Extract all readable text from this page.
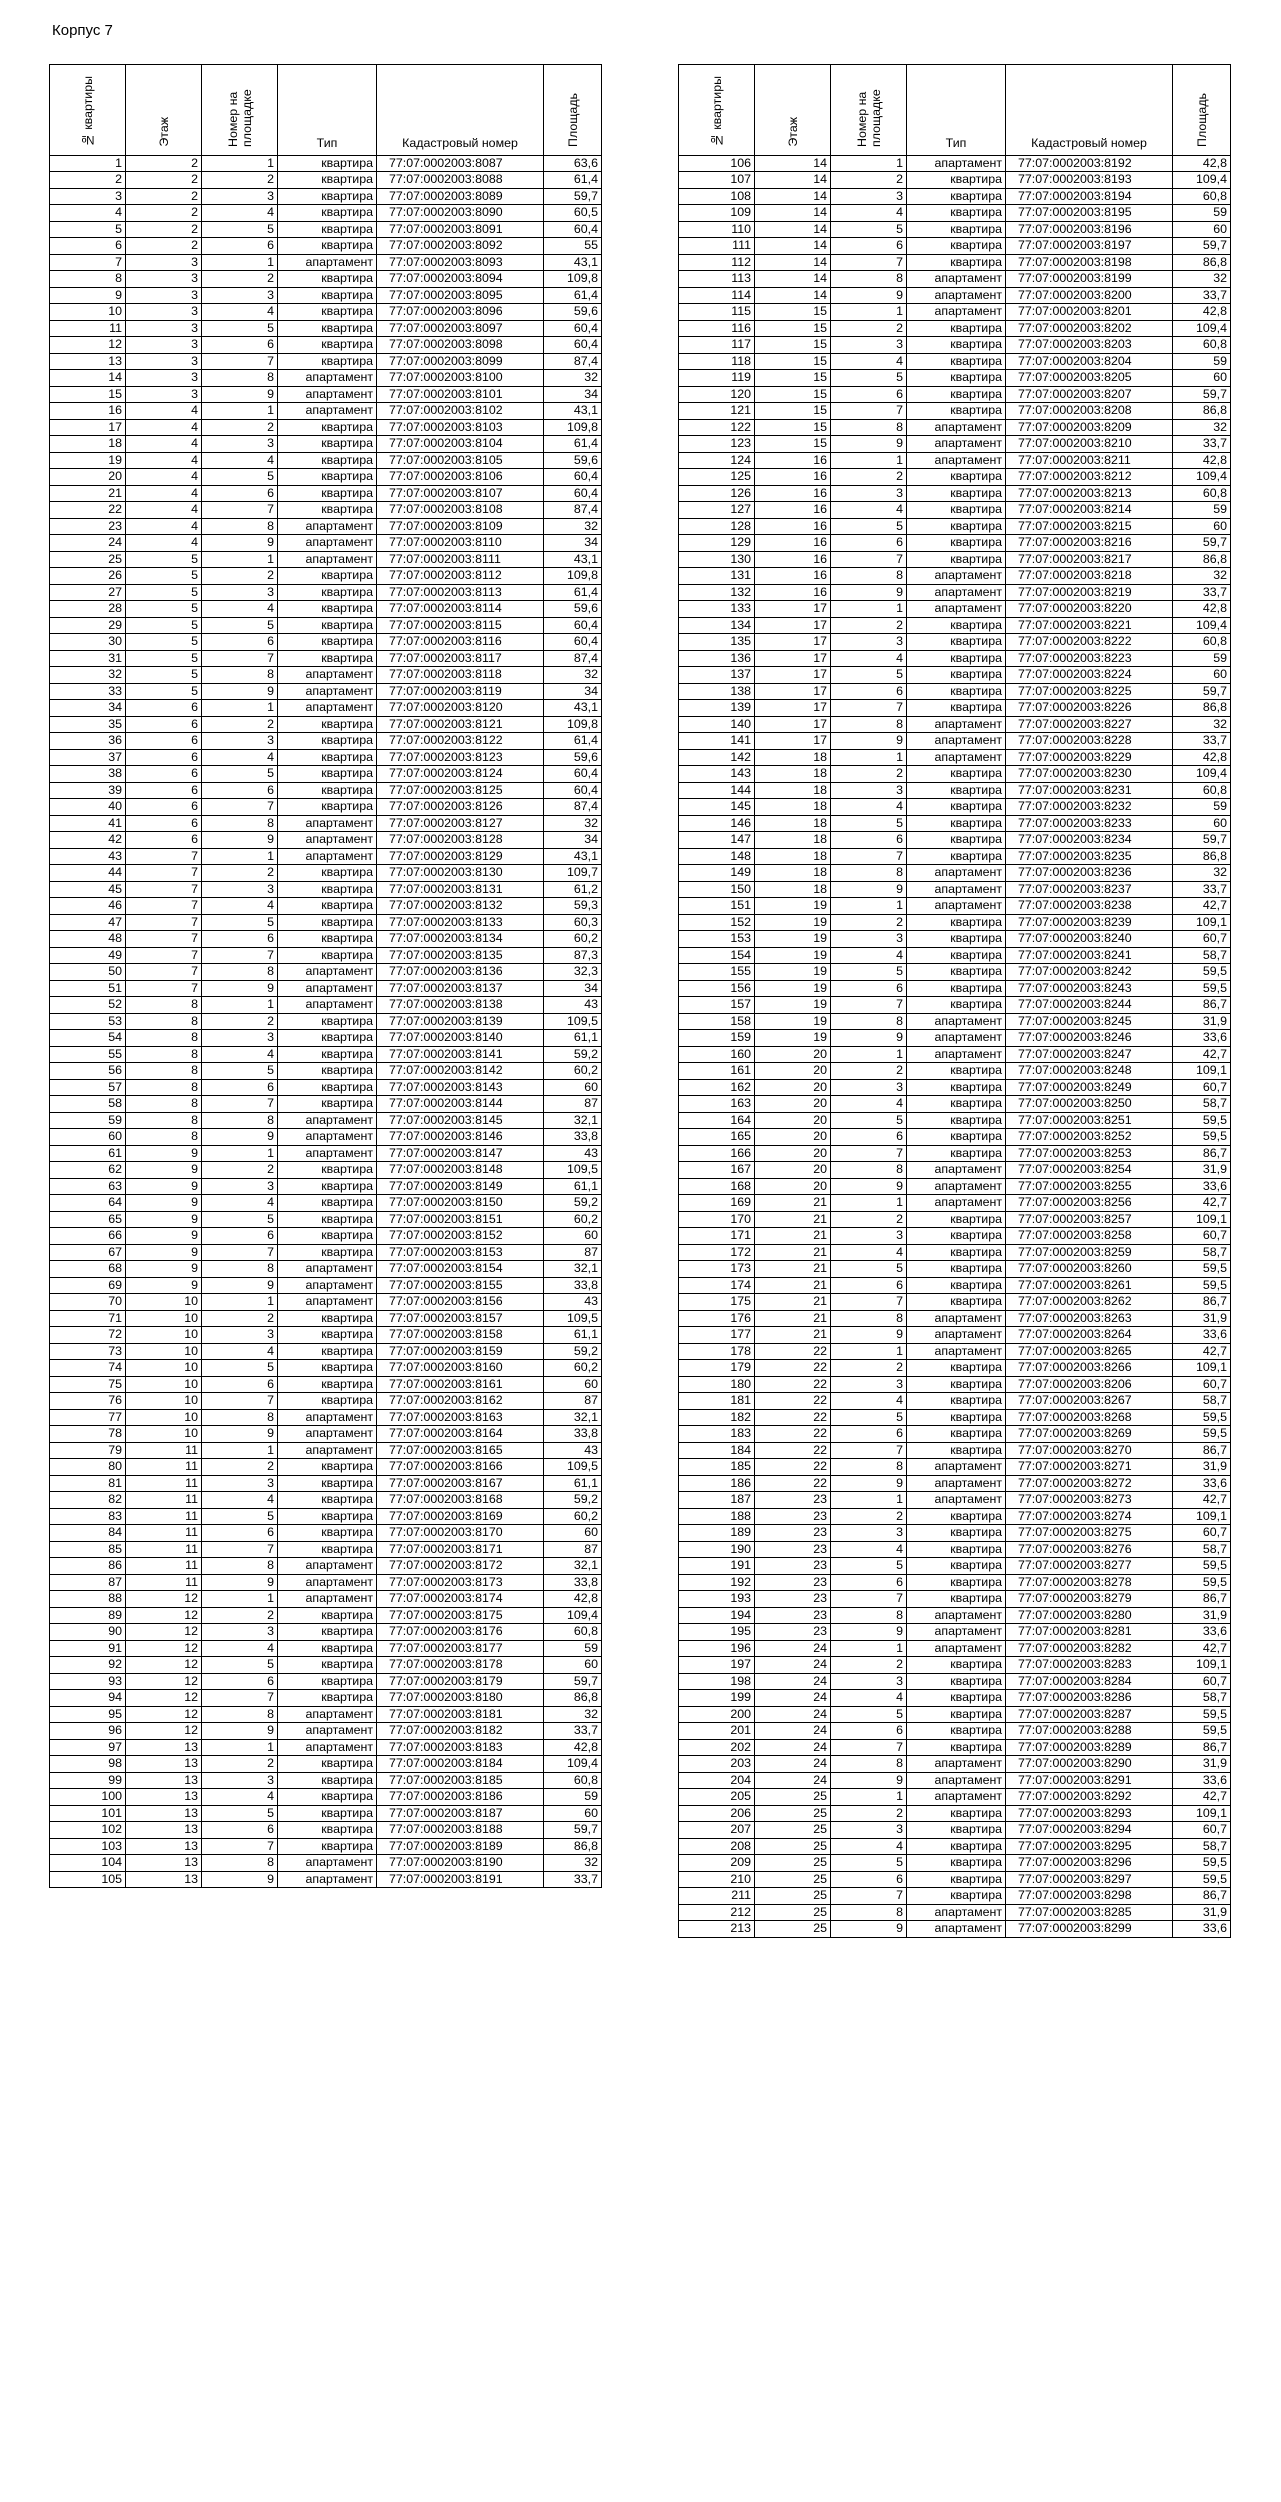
Корпус 7
№ квартиры	Этаж	Номер на площадке	Тип	Кадастровый номер	Площадь
1	2	1	квартира	77:07:0002003:8087	63,6
2	2	2	квартира	77:07:0002003:8088	61,4
3	2	3	квартира	77:07:0002003:8089	59,7
4	2	4	квартира	77:07:0002003:8090	60,5
5	2	5	квартира	77:07:0002003:8091	60,4
6	2	6	квартира	77:07:0002003:8092	55
7	3	1	апартамент	77:07:0002003:8093	43,1
8	3	2	квартира	77:07:0002003:8094	109,8
9	3	3	квартира	77:07:0002003:8095	61,4
10	3	4	квартира	77:07:0002003:8096	59,6
11	3	5	квартира	77:07:0002003:8097	60,4
12	3	6	квартира	77:07:0002003:8098	60,4
13	3	7	квартира	77:07:0002003:8099	87,4
14	3	8	апартамент	77:07:0002003:8100	32
15	3	9	апартамент	77:07:0002003:8101	34
16	4	1	апартамент	77:07:0002003:8102	43,1
17	4	2	квартира	77:07:0002003:8103	109,8
18	4	3	квартира	77:07:0002003:8104	61,4
19	4	4	квартира	77:07:0002003:8105	59,6
20	4	5	квартира	77:07:0002003:8106	60,4
21	4	6	квартира	77:07:0002003:8107	60,4
22	4	7	квартира	77:07:0002003:8108	87,4
23	4	8	апартамент	77:07:0002003:8109	32
24	4	9	апартамент	77:07:0002003:8110	34
25	5	1	апартамент	77:07:0002003:8111	43,1
26	5	2	квартира	77:07:0002003:8112	109,8
27	5	3	квартира	77:07:0002003:8113	61,4
28	5	4	квартира	77:07:0002003:8114	59,6
29	5	5	квартира	77:07:0002003:8115	60,4
30	5	6	квартира	77:07:0002003:8116	60,4
31	5	7	квартира	77:07:0002003:8117	87,4
32	5	8	апартамент	77:07:0002003:8118	32
33	5	9	апартамент	77:07:0002003:8119	34
34	6	1	апартамент	77:07:0002003:8120	43,1
35	6	2	квартира	77:07:0002003:8121	109,8
36	6	3	квартира	77:07:0002003:8122	61,4
37	6	4	квартира	77:07:0002003:8123	59,6
38	6	5	квартира	77:07:0002003:8124	60,4
39	6	6	квартира	77:07:0002003:8125	60,4
40	6	7	квартира	77:07:0002003:8126	87,4
41	6	8	апартамент	77:07:0002003:8127	32
42	6	9	апартамент	77:07:0002003:8128	34
43	7	1	апартамент	77:07:0002003:8129	43,1
44	7	2	квартира	77:07:0002003:8130	109,7
45	7	3	квартира	77:07:0002003:8131	61,2
46	7	4	квартира	77:07:0002003:8132	59,3
47	7	5	квартира	77:07:0002003:8133	60,3
48	7	6	квартира	77:07:0002003:8134	60,2
49	7	7	квартира	77:07:0002003:8135	87,3
50	7	8	апартамент	77:07:0002003:8136	32,3
51	7	9	апартамент	77:07:0002003:8137	34
52	8	1	апартамент	77:07:0002003:8138	43
53	8	2	квартира	77:07:0002003:8139	109,5
54	8	3	квартира	77:07:0002003:8140	61,1
55	8	4	квартира	77:07:0002003:8141	59,2
56	8	5	квартира	77:07:0002003:8142	60,2
57	8	6	квартира	77:07:0002003:8143	60
58	8	7	квартира	77:07:0002003:8144	87
59	8	8	апартамент	77:07:0002003:8145	32,1
60	8	9	апартамент	77:07:0002003:8146	33,8
61	9	1	апартамент	77:07:0002003:8147	43
62	9	2	квартира	77:07:0002003:8148	109,5
63	9	3	квартира	77:07:0002003:8149	61,1
64	9	4	квартира	77:07:0002003:8150	59,2
65	9	5	квартира	77:07:0002003:8151	60,2
66	9	6	квартира	77:07:0002003:8152	60
67	9	7	квартира	77:07:0002003:8153	87
68	9	8	апартамент	77:07:0002003:8154	32,1
69	9	9	апартамент	77:07:0002003:8155	33,8
70	10	1	апартамент	77:07:0002003:8156	43
71	10	2	квартира	77:07:0002003:8157	109,5
72	10	3	квартира	77:07:0002003:8158	61,1
73	10	4	квартира	77:07:0002003:8159	59,2
74	10	5	квартира	77:07:0002003:8160	60,2
75	10	6	квартира	77:07:0002003:8161	60
76	10	7	квартира	77:07:0002003:8162	87
77	10	8	апартамент	77:07:0002003:8163	32,1
78	10	9	апартамент	77:07:0002003:8164	33,8
79	11	1	апартамент	77:07:0002003:8165	43
80	11	2	квартира	77:07:0002003:8166	109,5
81	11	3	квартира	77:07:0002003:8167	61,1
82	11	4	квартира	77:07:0002003:8168	59,2
83	11	5	квартира	77:07:0002003:8169	60,2
84	11	6	квартира	77:07:0002003:8170	60
85	11	7	квартира	77:07:0002003:8171	87
86	11	8	апартамент	77:07:0002003:8172	32,1
87	11	9	апартамент	77:07:0002003:8173	33,8
88	12	1	апартамент	77:07:0002003:8174	42,8
89	12	2	квартира	77:07:0002003:8175	109,4
90	12	3	квартира	77:07:0002003:8176	60,8
91	12	4	квартира	77:07:0002003:8177	59
92	12	5	квартира	77:07:0002003:8178	60
93	12	6	квартира	77:07:0002003:8179	59,7
94	12	7	квартира	77:07:0002003:8180	86,8
95	12	8	апартамент	77:07:0002003:8181	32
96	12	9	апартамент	77:07:0002003:8182	33,7
97	13	1	апартамент	77:07:0002003:8183	42,8
98	13	2	квартира	77:07:0002003:8184	109,4
99	13	3	квартира	77:07:0002003:8185	60,8
100	13	4	квартира	77:07:0002003:8186	59
101	13	5	квартира	77:07:0002003:8187	60
102	13	6	квартира	77:07:0002003:8188	59,7
103	13	7	квартира	77:07:0002003:8189	86,8
104	13	8	апартамент	77:07:0002003:8190	32
105	13	9	апартамент	77:07:0002003:8191	33,7
№ квартиры	Этаж	Номер на площадке	Тип	Кадастровый номер	Площадь
106	14	1	апартамент	77:07:0002003:8192	42,8
107	14	2	квартира	77:07:0002003:8193	109,4
108	14	3	квартира	77:07:0002003:8194	60,8
109	14	4	квартира	77:07:0002003:8195	59
110	14	5	квартира	77:07:0002003:8196	60
111	14	6	квартира	77:07:0002003:8197	59,7
112	14	7	квартира	77:07:0002003:8198	86,8
113	14	8	апартамент	77:07:0002003:8199	32
114	14	9	апартамент	77:07:0002003:8200	33,7
115	15	1	апартамент	77:07:0002003:8201	42,8
116	15	2	квартира	77:07:0002003:8202	109,4
117	15	3	квартира	77:07:0002003:8203	60,8
118	15	4	квартира	77:07:0002003:8204	59
119	15	5	квартира	77:07:0002003:8205	60
120	15	6	квартира	77:07:0002003:8207	59,7
121	15	7	квартира	77:07:0002003:8208	86,8
122	15	8	апартамент	77:07:0002003:8209	32
123	15	9	апартамент	77:07:0002003:8210	33,7
124	16	1	апартамент	77:07:0002003:8211	42,8
125	16	2	квартира	77:07:0002003:8212	109,4
126	16	3	квартира	77:07:0002003:8213	60,8
127	16	4	квартира	77:07:0002003:8214	59
128	16	5	квартира	77:07:0002003:8215	60
129	16	6	квартира	77:07:0002003:8216	59,7
130	16	7	квартира	77:07:0002003:8217	86,8
131	16	8	апартамент	77:07:0002003:8218	32
132	16	9	апартамент	77:07:0002003:8219	33,7
133	17	1	апартамент	77:07:0002003:8220	42,8
134	17	2	квартира	77:07:0002003:8221	109,4
135	17	3	квартира	77:07:0002003:8222	60,8
136	17	4	квартира	77:07:0002003:8223	59
137	17	5	квартира	77:07:0002003:8224	60
138	17	6	квартира	77:07:0002003:8225	59,7
139	17	7	квартира	77:07:0002003:8226	86,8
140	17	8	апартамент	77:07:0002003:8227	32
141	17	9	апартамент	77:07:0002003:8228	33,7
142	18	1	апартамент	77:07:0002003:8229	42,8
143	18	2	квартира	77:07:0002003:8230	109,4
144	18	3	квартира	77:07:0002003:8231	60,8
145	18	4	квартира	77:07:0002003:8232	59
146	18	5	квартира	77:07:0002003:8233	60
147	18	6	квартира	77:07:0002003:8234	59,7
148	18	7	квартира	77:07:0002003:8235	86,8
149	18	8	апартамент	77:07:0002003:8236	32
150	18	9	апартамент	77:07:0002003:8237	33,7
151	19	1	апартамент	77:07:0002003:8238	42,7
152	19	2	квартира	77:07:0002003:8239	109,1
153	19	3	квартира	77:07:0002003:8240	60,7
154	19	4	квартира	77:07:0002003:8241	58,7
155	19	5	квартира	77:07:0002003:8242	59,5
156	19	6	квартира	77:07:0002003:8243	59,5
157	19	7	квартира	77:07:0002003:8244	86,7
158	19	8	апартамент	77:07:0002003:8245	31,9
159	19	9	апартамент	77:07:0002003:8246	33,6
160	20	1	апартамент	77:07:0002003:8247	42,7
161	20	2	квартира	77:07:0002003:8248	109,1
162	20	3	квартира	77:07:0002003:8249	60,7
163	20	4	квартира	77:07:0002003:8250	58,7
164	20	5	квартира	77:07:0002003:8251	59,5
165	20	6	квартира	77:07:0002003:8252	59,5
166	20	7	квартира	77:07:0002003:8253	86,7
167	20	8	апартамент	77:07:0002003:8254	31,9
168	20	9	апартамент	77:07:0002003:8255	33,6
169	21	1	апартамент	77:07:0002003:8256	42,7
170	21	2	квартира	77:07:0002003:8257	109,1
171	21	3	квартира	77:07:0002003:8258	60,7
172	21	4	квартира	77:07:0002003:8259	58,7
173	21	5	квартира	77:07:0002003:8260	59,5
174	21	6	квартира	77:07:0002003:8261	59,5
175	21	7	квартира	77:07:0002003:8262	86,7
176	21	8	апартамент	77:07:0002003:8263	31,9
177	21	9	апартамент	77:07:0002003:8264	33,6
178	22	1	апартамент	77:07:0002003:8265	42,7
179	22	2	квартира	77:07:0002003:8266	109,1
180	22	3	квартира	77:07:0002003:8206	60,7
181	22	4	квартира	77:07:0002003:8267	58,7
182	22	5	квартира	77:07:0002003:8268	59,5
183	22	6	квартира	77:07:0002003:8269	59,5
184	22	7	квартира	77:07:0002003:8270	86,7
185	22	8	апартамент	77:07:0002003:8271	31,9
186	22	9	апартамент	77:07:0002003:8272	33,6
187	23	1	апартамент	77:07:0002003:8273	42,7
188	23	2	квартира	77:07:0002003:8274	109,1
189	23	3	квартира	77:07:0002003:8275	60,7
190	23	4	квартира	77:07:0002003:8276	58,7
191	23	5	квартира	77:07:0002003:8277	59,5
192	23	6	квартира	77:07:0002003:8278	59,5
193	23	7	квартира	77:07:0002003:8279	86,7
194	23	8	апартамент	77:07:0002003:8280	31,9
195	23	9	апартамент	77:07:0002003:8281	33,6
196	24	1	апартамент	77:07:0002003:8282	42,7
197	24	2	квартира	77:07:0002003:8283	109,1
198	24	3	квартира	77:07:0002003:8284	60,7
199	24	4	квартира	77:07:0002003:8286	58,7
200	24	5	квартира	77:07:0002003:8287	59,5
201	24	6	квартира	77:07:0002003:8288	59,5
202	24	7	квартира	77:07:0002003:8289	86,7
203	24	8	апартамент	77:07:0002003:8290	31,9
204	24	9	апартамент	77:07:0002003:8291	33,6
205	25	1	апартамент	77:07:0002003:8292	42,7
206	25	2	квартира	77:07:0002003:8293	109,1
207	25	3	квартира	77:07:0002003:8294	60,7
208	25	4	квартира	77:07:0002003:8295	58,7
209	25	5	квартира	77:07:0002003:8296	59,5
210	25	6	квартира	77:07:0002003:8297	59,5
211	25	7	квартира	77:07:0002003:8298	86,7
212	25	8	апартамент	77:07:0002003:8285	31,9
213	25	9	апартамент	77:07:0002003:8299	33,6
